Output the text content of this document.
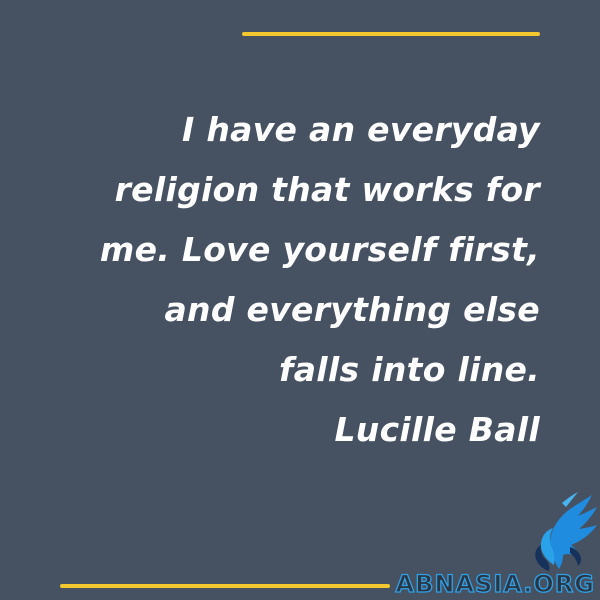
I have an everyday
religion that works for
me. Love yourself first,
and everything else
falls into line.
Lucille Ball
ABNASIA.ORG
